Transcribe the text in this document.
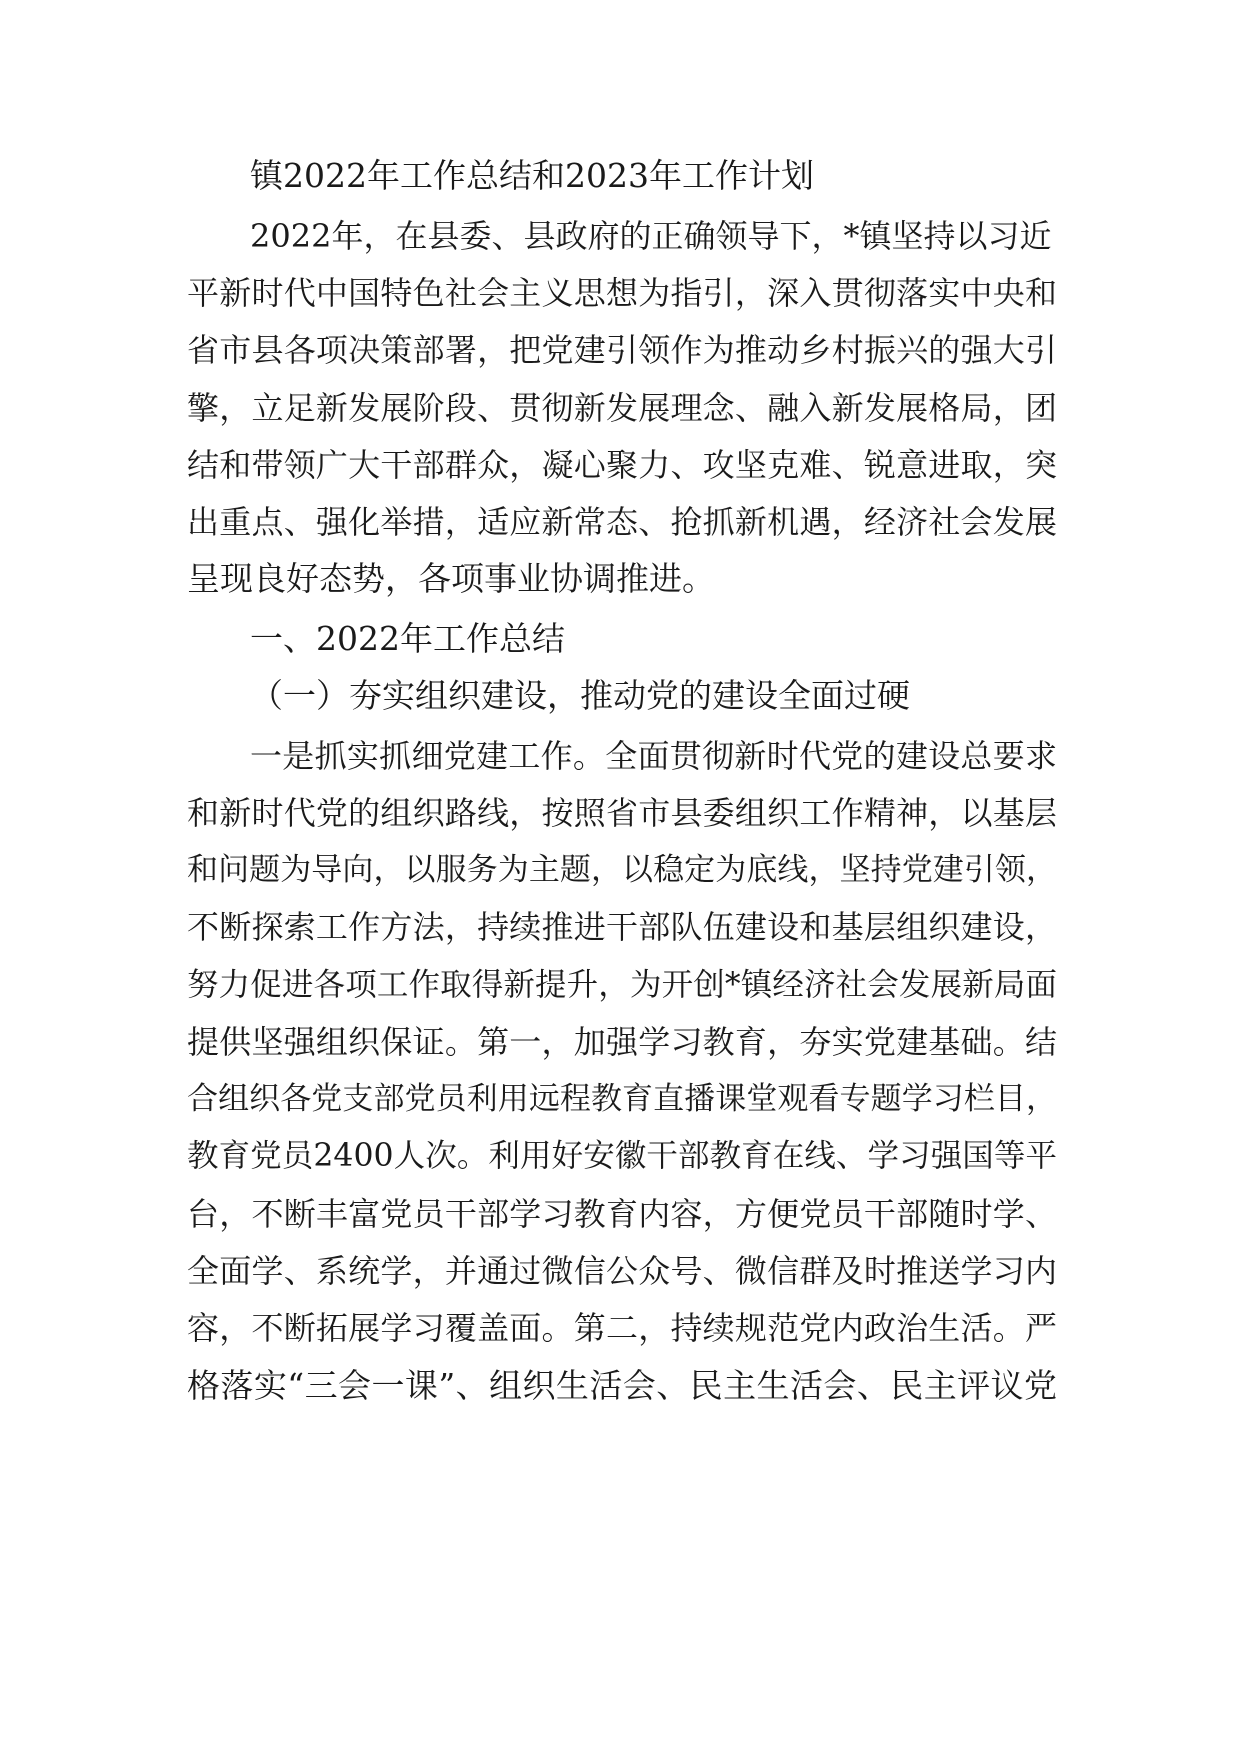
镇2022年工作总结和2023年工作计划
2022年，在县委、县政府的正确领导下，*镇坚持以习近
平新时代中国特色社会主义思想为指引，深入贯彻落实中央和
省市县各项决策部署，把党建引领作为推动乡村振兴的强大引
擎，立足新发展阶段、贯彻新发展理念、融入新发展格局，团
结和带领广大干部群众，凝心聚力、攻坚克难、锐意进取，突
出重点、强化举措，适应新常态、抢抓新机遇，经济社会发展
呈现良好态势，各项事业协调推进。
一、2022年工作总结
（一）夯实组织建设，推动党的建设全面过硬
一是抓实抓细党建工作。全面贯彻新时代党的建设总要求
和新时代党的组织路线，按照省市县委组织工作精神，以基层
和问题为导向，以服务为主题，以稳定为底线，坚持党建引领，
不断探索工作方法，持续推进干部队伍建设和基层组织建设，
努力促进各项工作取得新提升，为开创*镇经济社会发展新局面
提供坚强组织保证。第一，加强学习教育，夯实党建基础。结
合组织各党支部党员利用远程教育直播课堂观看专题学习栏目，
教育党员2400人次。利用好安徽干部教育在线、学习强国等平
台，不断丰富党员干部学习教育内容，方便党员干部随时学、
全面学、系统学，并通过微信公众号、微信群及时推送学习内
容，不断拓展学习覆盖面。第二，持续规范党内政治生活。严
格落实“三会一课”、组织生活会、民主生活会、民主评议党
